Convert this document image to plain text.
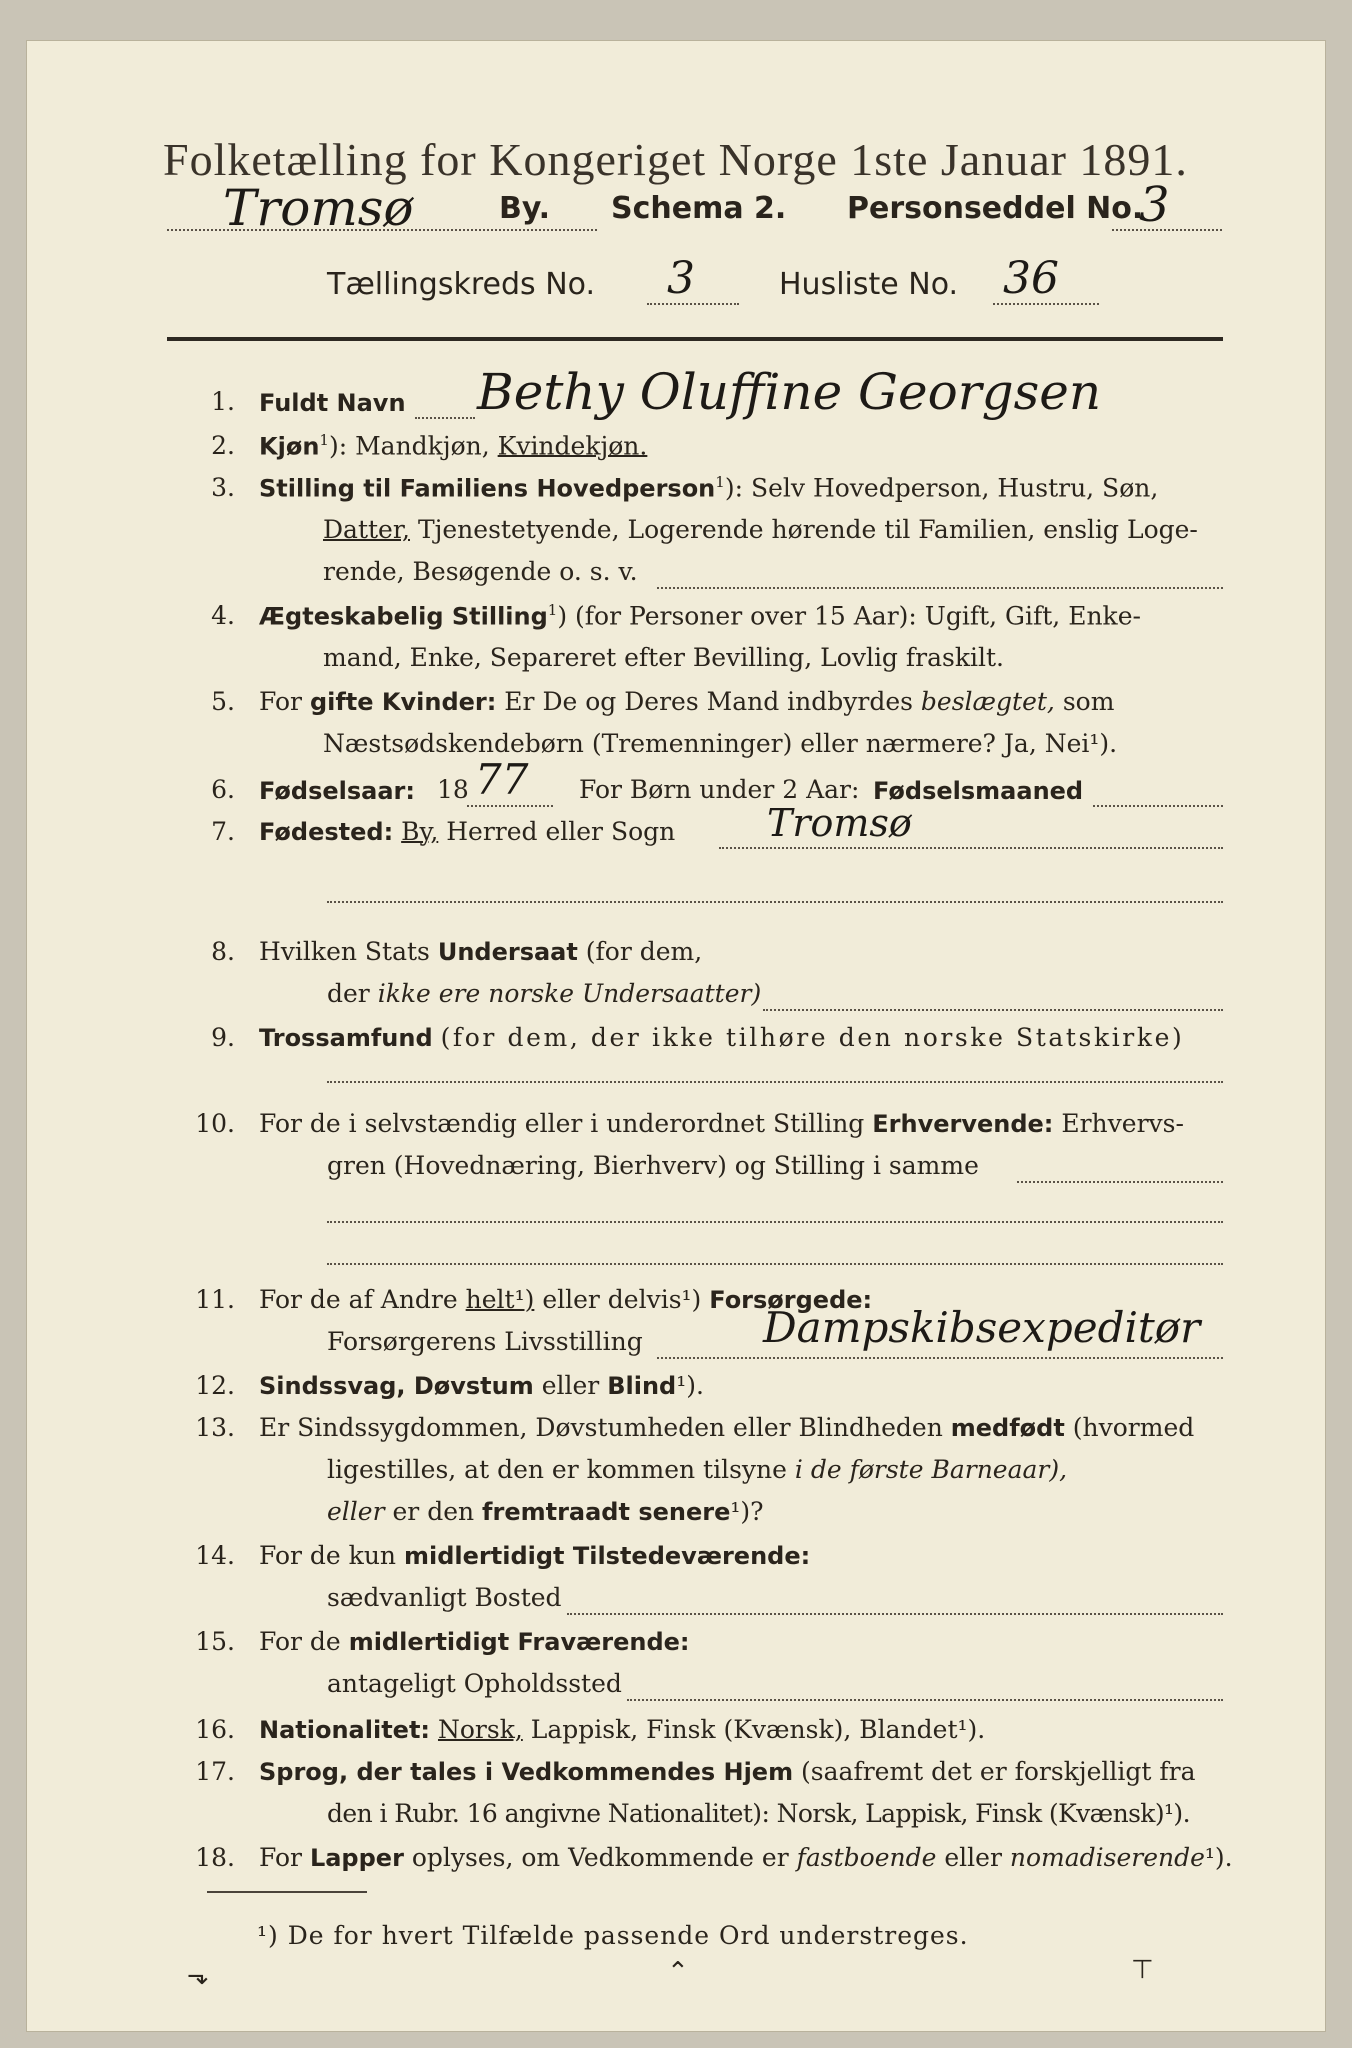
Folketælling for Kongeriget Norge 1ste Januar 1891.
Tromsø	By. Schema 2. Personseddel No.
3
Tællingskreds No. 3	Husliste No. 36
1. Fuldt Navn Bethy Oluffine Georgsen
2. Kjøn$^1$): Mandkjøn, Kvindekjøn.
3. Stilling til Familiens Hovedperson$^1$): Selv Hovedperson, Hustru, Søn,
Datter, Tjenestetyende, Logerende hørende til Familien, enslig Loge-
rende, Besøgende o. s. v.
4. Ægteskabelig Stilling$^1$) (for Personer over 15 Aar): Ugift, Gift, Enke-
mand, Enke, Separeret efter Bevilling, Lovlig fraskilt.
5. For gifte Kvinder: Er De og Deres Mand indbyrdes beslægtet, som
Næstsødskendebørn (Tremenninger) eller nærmere? Ja, Nei¹).
6. Fødselsaar: 18 77 For Børn under 2 Aar: Fødselsmaaned
7. Fødested: By, Herred eller Sogn Tromsø
8. Hvilken Stats Undersaat (for dem,
der ikke ere norske Undersaatter)
9. Trossamfund (for dem, der ikke tilhøre den norske Statskirke)
10. For de i selvstændig eller i underordnet Stilling Erhvervende: Erhvervs-
gren (Hovednæring, Bierhverv) og Stilling i samme
11. For de af Andre helt¹) eller delvis¹) Forsørgede:
Forsørgerens Livsstilling	Dampskibsexpeditør
12. Sindssvag, Døvstum eller Blind¹).
13. Er Sindssygdommen, Døvstumheden eller Blindheden medfødt (hvormed
ligestilles, at den er kommen tilsyne i de første Barneaar),
eller er den fremtraadt senere¹)?
14. For de kun midlertidigt Tilstedeværende:
sædvanligt Bosted
15. For de midlertidigt Fraværende:
antageligt Opholdssted
16. Nationalitet: Norsk, Lappisk, Finsk (Kvænsk), Blandet¹).
17. Sprog, der tales i Vedkommendes Hjem (saafremt det er forskjelligt fra
den i Rubr. 16 angivne Nationalitet): Norsk, Lappisk, Finsk (Kvænsk)¹).
18. For Lapper oplyses, om Vedkommende er fastboende eller nomadiserende¹).
¹) De for hvert Tilfælde passende Ord understreges.
⬎	⌃	⊤
